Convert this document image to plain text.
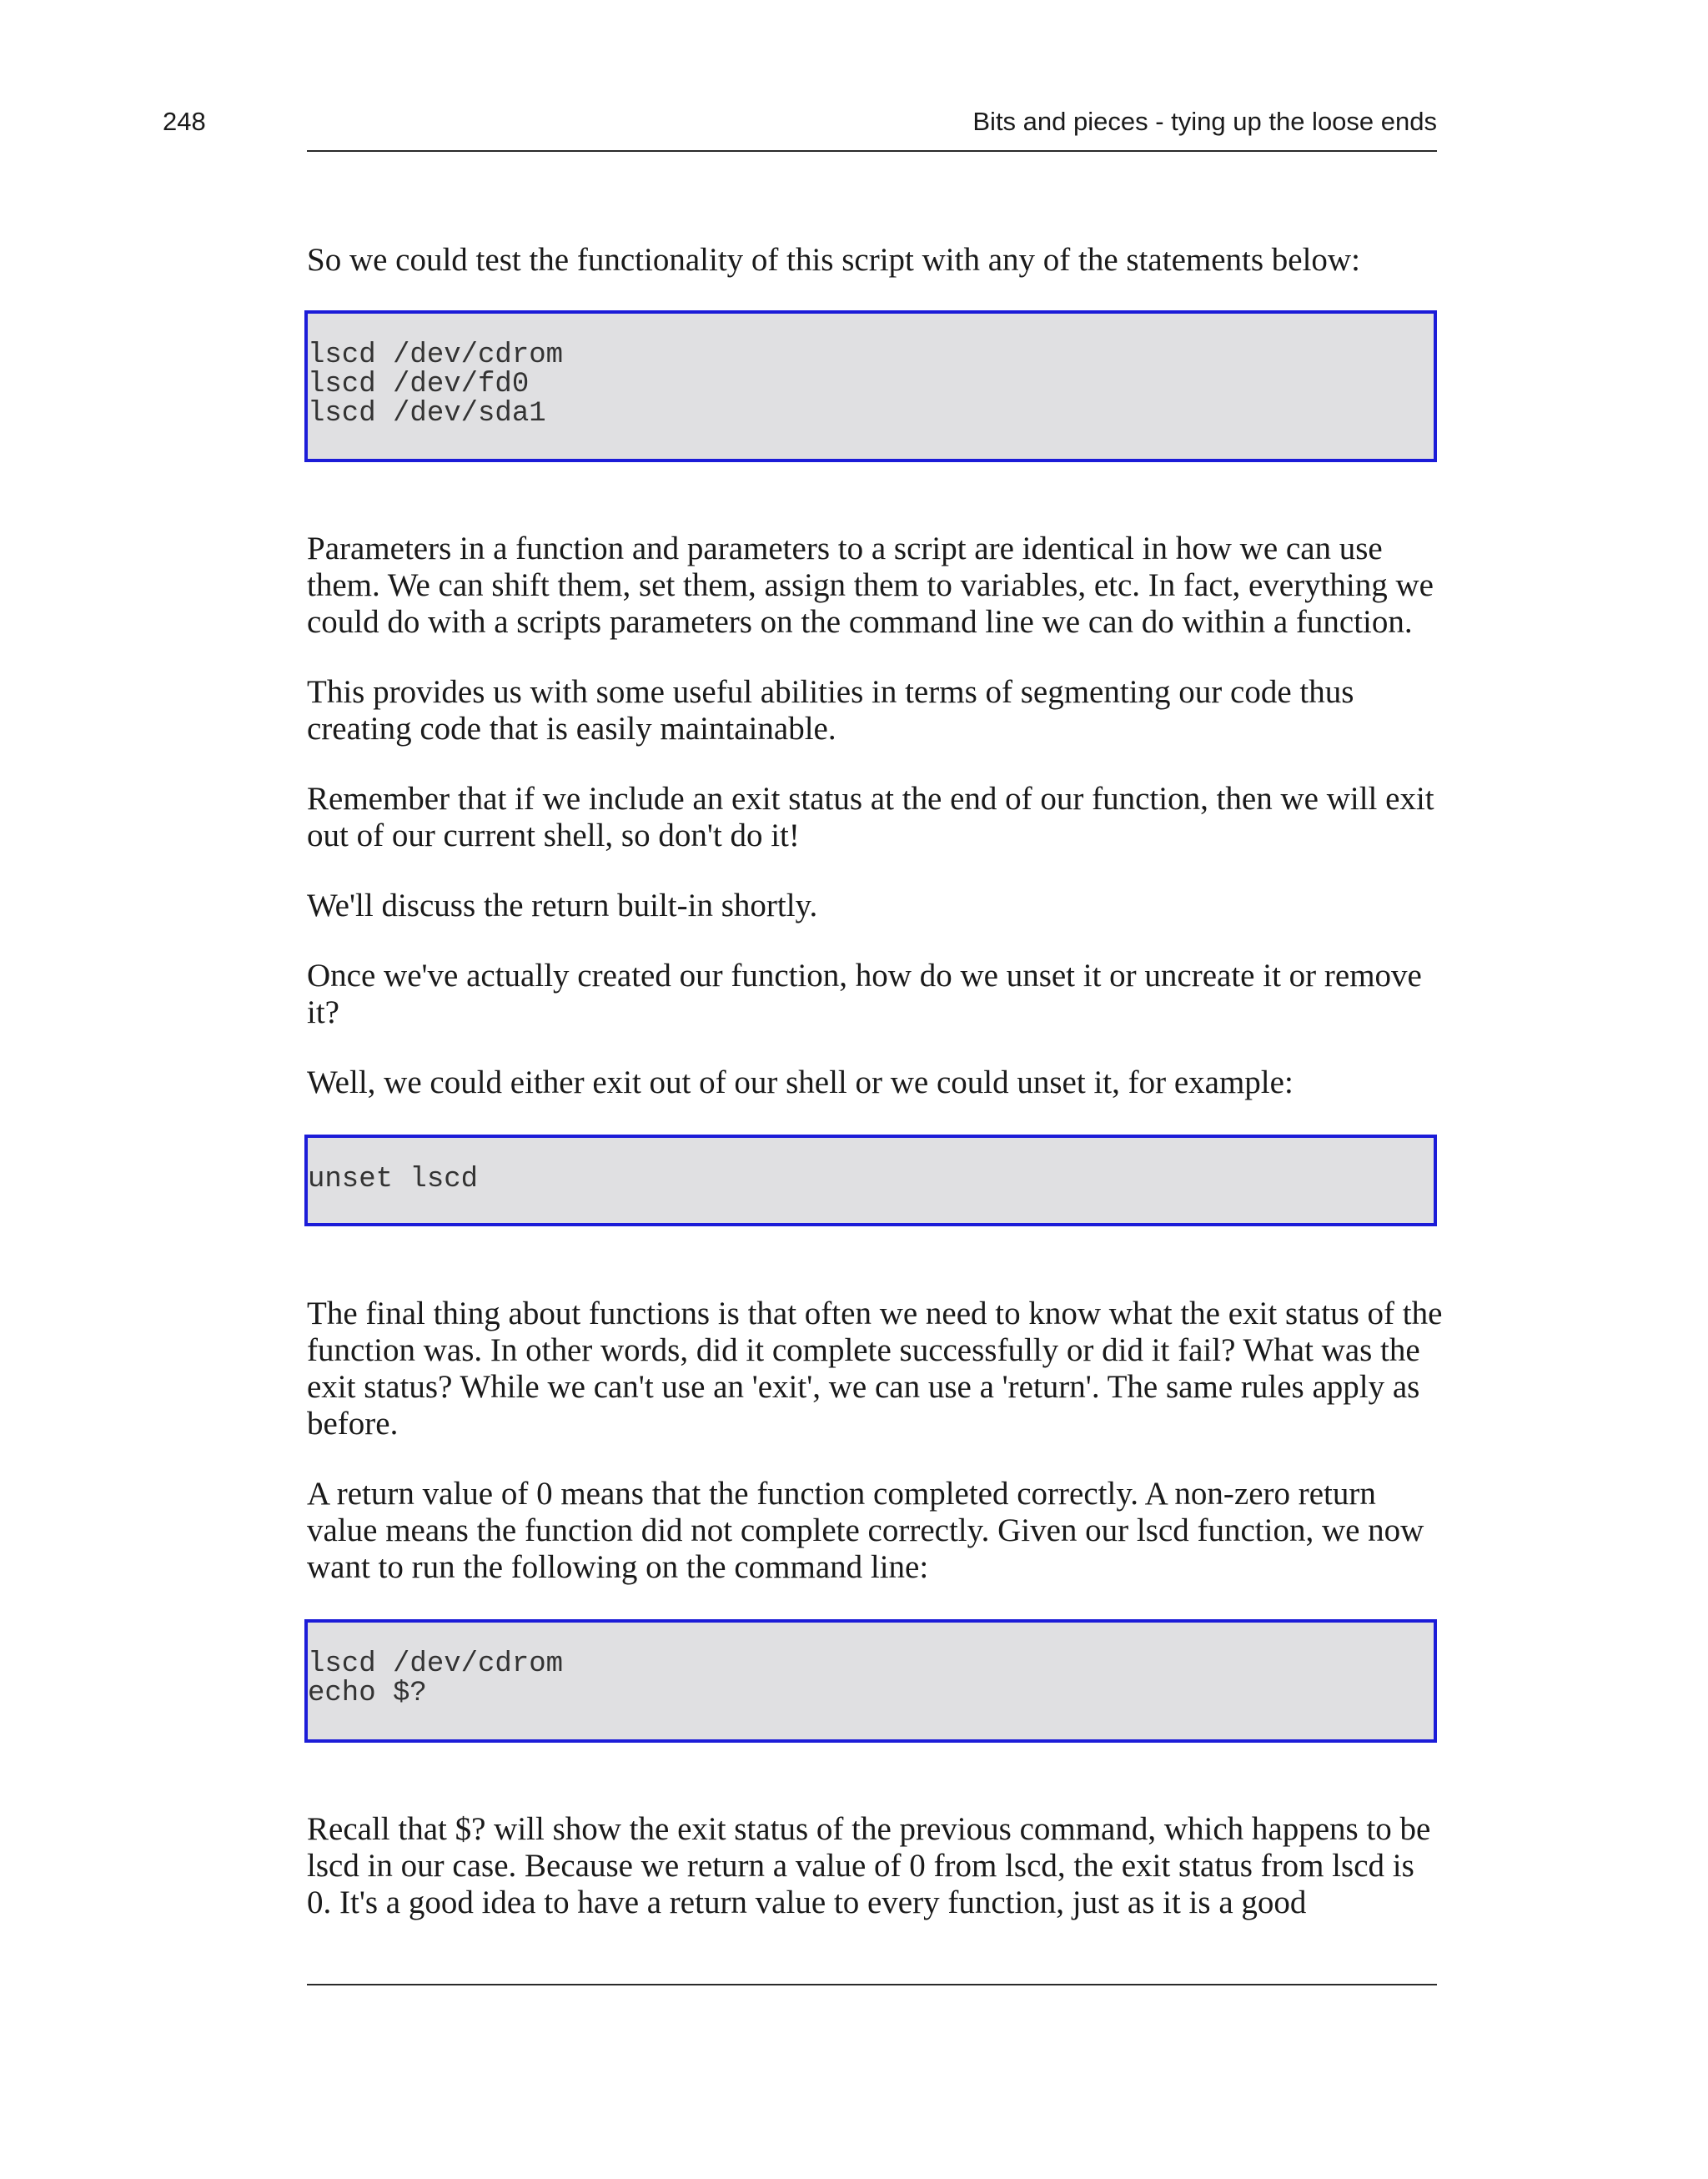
248	Bits and pieces - tying up the loose ends

So we could test the functionality of this script with any of the statements below:

lscd /dev/cdrom
lscd /dev/fd0
lscd /dev/sda1

Parameters in a function and parameters to a script are identical in how we can use them. We can shift them, set them, assign them to variables, etc. In fact, everything we could do with a scripts parameters on the command line we can do within a function.

This provides us with some useful abilities in terms of segmenting our code thus creating code that is easily maintainable.

Remember that if we include an exit status at the end of our function, then we will exit out of our current shell, so don't do it!

We'll discuss the return built-in shortly.

Once we've actually created our function, how do we unset it or uncreate it or remove it?

Well, we could either exit out of our shell or we could unset it, for example:

unset lscd

The final thing about functions is that often we need to know what the exit status of the function was. In other words, did it complete successfully or did it fail? What was the exit status? While we can't use an 'exit', we can use a 'return'. The same rules apply as before.

A return value of 0 means that the function completed correctly. A non-zero return value means the function did not complete correctly. Given our lscd function, we now want to run the following on the command line:

lscd /dev/cdrom
echo $?

Recall that $? will show the exit status of the previous command, which happens to be lscd in our case. Because we return a value of 0 from lscd, the exit status from lscd is 0. It's a good idea to have a return value to every function, just as it is a good
